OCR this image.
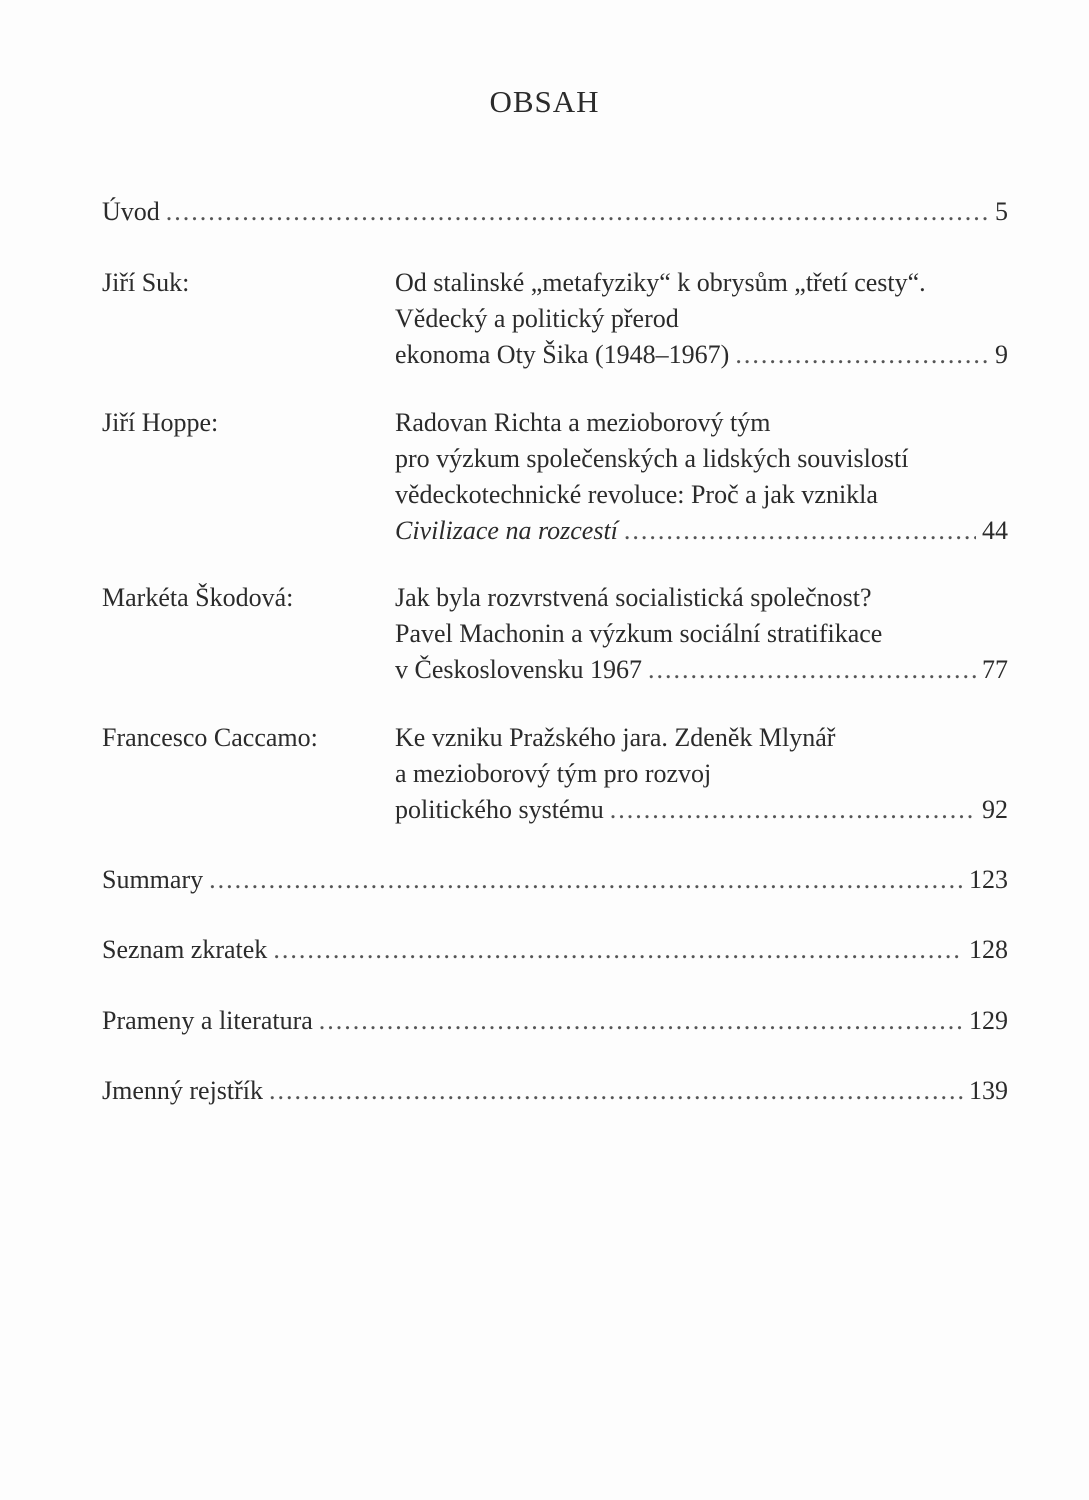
OBSAH
Úvod .....	5
Jiří Suk:	Od stalinské „metafyziky“ k obrysům „třetí cesty“.
Vědecký a politický přerod
ekonoma Oty Šika (1948–1967) .....	9
Jiří Hoppe:	Radovan Richta a mezioborový tým
pro výzkum společenských a lidských souvislostí
vědeckotechnické revoluce: Proč a jak vznikla
Civilizace na rozcestí .....	44
Markéta Škodová:	Jak byla rozvrstvená socialistická společnost?
Pavel Machonin a výzkum sociální stratifikace
v Československu 1967 .....	77
Francesco Caccamo:	Ke vzniku Pražského jara. Zdeněk Mlynář
a mezioborový tým pro rozvoj
politického systému .....	92
Summary .....	123
Seznam zkratek .....	128
Prameny a literatura .....	129
Jmenný rejstřík .....	139
